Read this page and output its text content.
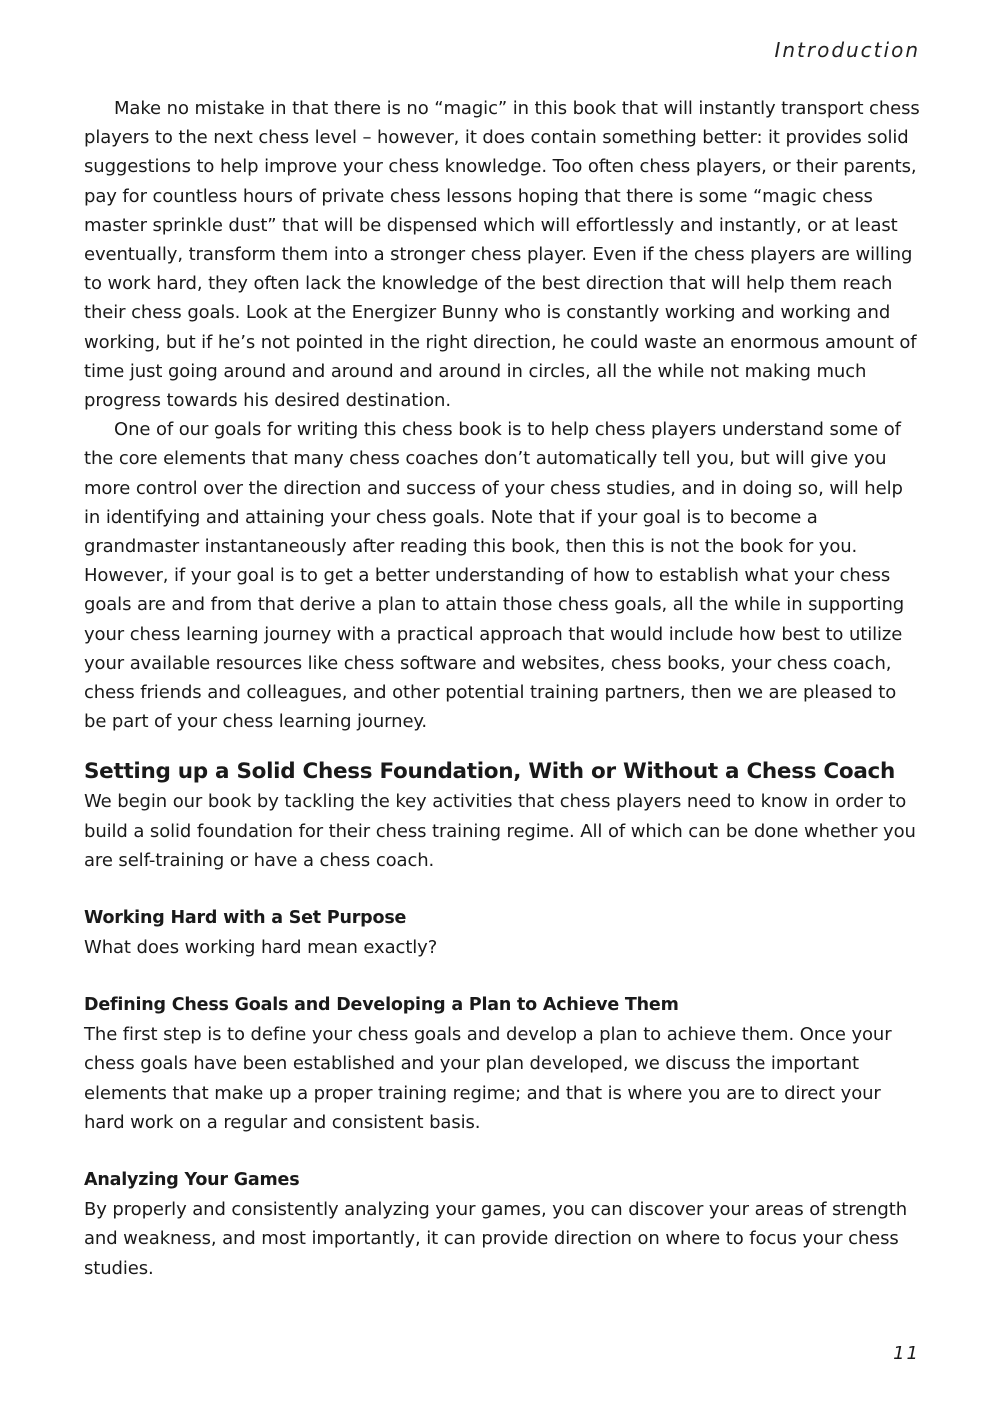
Introduction

Make no mistake in that there is no “magic” in this book that will instantly transport chess players to the next chess level – however, it does contain something better: it provides solid suggestions to help improve your chess knowledge. Too often chess players, or their parents, pay for countless hours of private chess lessons hoping that there is some “magic chess master sprinkle dust” that will be dispensed which will effortlessly and instantly, or at least eventually, transform them into a stronger chess player. Even if the chess players are willing to work hard, they often lack the knowledge of the best direction that will help them reach their chess goals. Look at the Energizer Bunny who is constantly working and working and working, but if he’s not pointed in the right direction, he could waste an enormous amount of time just going around and around and around in circles, all the while not making much progress towards his desired destination.

One of our goals for writing this chess book is to help chess players understand some of the core elements that many chess coaches don’t automatically tell you, but will give you more control over the direction and success of your chess studies, and in doing so, will help in identifying and attaining your chess goals. Note that if your goal is to become a grandmaster instantaneously after reading this book, then this is not the book for you. However, if your goal is to get a better understanding of how to establish what your chess goals are and from that derive a plan to attain those chess goals, all the while in supporting your chess learning journey with a practical approach that would include how best to utilize your available resources like chess software and websites, chess books, your chess coach, chess friends and colleagues, and other potential training partners, then we are pleased to be part of your chess learning journey.

Setting up a Solid Chess Foundation, With or Without a Chess Coach

We begin our book by tackling the key activities that chess players need to know in order to build a solid foundation for their chess training regime. All of which can be done whether you are self-training or have a chess coach.

Working Hard with a Set Purpose

What does working hard mean exactly?

Defining Chess Goals and Developing a Plan to Achieve Them

The first step is to define your chess goals and develop a plan to achieve them. Once your chess goals have been established and your plan developed, we discuss the important elements that make up a proper training regime; and that is where you are to direct your hard work on a regular and consistent basis.

Analyzing Your Games

By properly and consistently analyzing your games, you can discover your areas of strength and weakness, and most importantly, it can provide direction on where to focus your chess studies.

11
